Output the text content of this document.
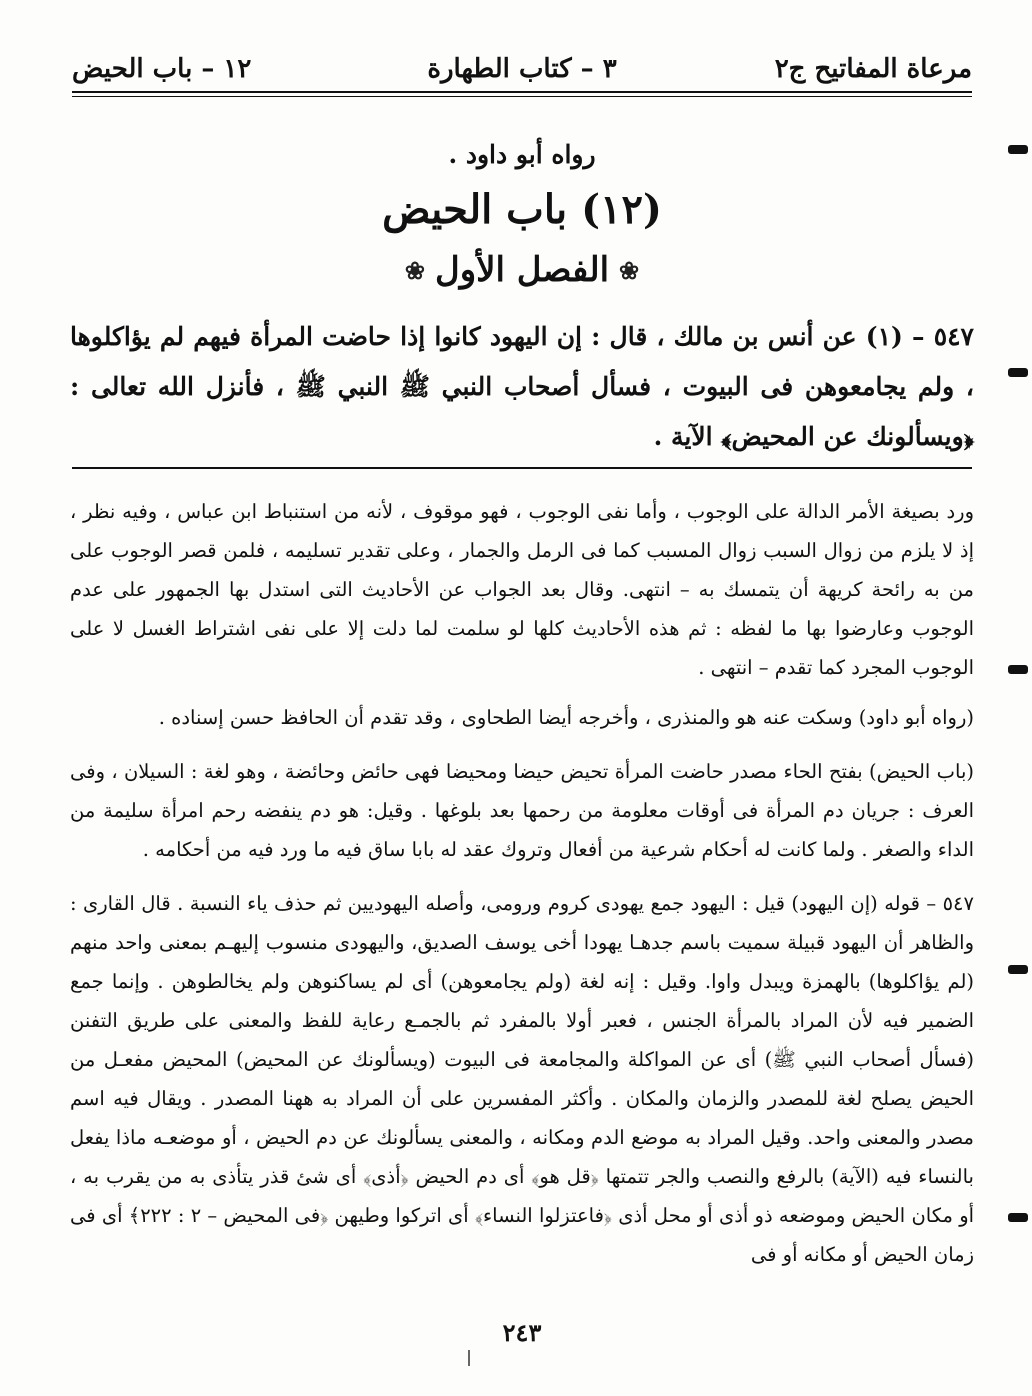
مرعاة المفاتيح ج٢
٣ – كتاب الطهارة
١٢ – باب الحيض
رواه أبو داود .
(١٢) باب الحيض
❀
الفصل الأول
❀
٥٤٧ – (١) عن أنس بن مالك ، قال : إن اليهود كانوا إذا حاضت المرأة فيهم لم يؤاكلوها ، ولم يجامعوهن فى البيوت ، فسأل أصحاب النبي ﷺ النبي ﷺ ، فأنزل الله تعالى : ﴿ويسألونك عن المحيض﴾ الآية .

ورد بصيغة الأمر الدالة على الوجوب ، وأما نفى الوجوب ، فهو موقوف ، لأنه من استنباط ابن عباس ، وفيه نظر ، إذ لا يلزم من زوال السبب زوال المسبب كما فى الرمل والجمار ، وعلى تقدير تسليمه ، فلمن قصر الوجوب على من به رائحة كريهة أن يتمسك به – انتهى. وقال بعد الجواب عن الأحاديث التى استدل بها الجمهور على عدم الوجوب وعارضوا بها ما لفظه : ثم هذه الأحاديث كلها لو سلمت لما دلت إلا على نفى اشتراط الغسل لا على الوجوب المجرد كما تقدم – انتهى .

(رواه أبو داود) وسكت عنه هو والمنذرى ، وأخرجه أيضا الطحاوى ، وقد تقدم أن الحافظ حسن إسناده .

(باب الحيض) بفتح الحاء مصدر حاضت المرأة تحيض حيضا ومحيضا فهى حائض وحائضة ، وهو لغة : السيلان ، وفى العرف : جريان دم المرأة فى أوقات معلومة من رحمها بعد بلوغها . وقيل: هو دم ينفضه رحم امرأة سليمة من الداء والصغر . ولما كانت له أحكام شرعية من أفعال وتروك عقد له بابا ساق فيه ما ورد فيه من أحكامه .

٥٤٧ – قوله (إن اليهود) قيل : اليهود جمع يهودى كروم ورومى، وأصله اليهوديين ثم حذف ياء النسبة . قال القارى : والظاهر أن اليهود قبيلة سميت باسم جدهـا يهودا أخى يوسف الصديق، واليهودى منسوب إليهـم بمعنى واحد منهم (لم يؤاكلوها) بالهمزة ويبدل واوا. وقيل : إنه لغة (ولم يجامعوهن) أى لم يساكنوهن ولم يخالطوهن . وإنما جمع الضمير فيه لأن المراد بالمرأة الجنس ، فعبر أولا بالمفرد ثم بالجمـع رعاية للفظ والمعنى على طريق التفنن (فسأل أصحاب النبي ﷺ) أى عن المواكلة والمجامعة فى البيوت (ويسألونك عن المحيض) المحيض مفعـل من الحيض يصلح لغة للمصدر والزمان والمكان . وأكثر المفسرين على أن المراد به ههنا المصدر . ويقال فيه اسم مصدر والمعنى واحد. وقيل المراد به موضع الدم ومكانه ، والمعنى يسألونك عن دم الحيض ، أو موضعـه ماذا يفعل بالنساء فيه (الآية) بالرفع والنصب والجر تتمتها ﴿قل هو﴾ أى دم الحيض ﴿أذى﴾ أى شئ قذر يتأذى به من يقرب به ، أو مكان الحيض وموضعه ذو أذى أو محل أذى ﴿فاعتزلوا النساء﴾ أى اتركوا وطيهن ﴿فى المحيض – ٢ : ٢٢٢﴾ أى فى زمان الحيض أو مكانه أو فى

٢٤٣
